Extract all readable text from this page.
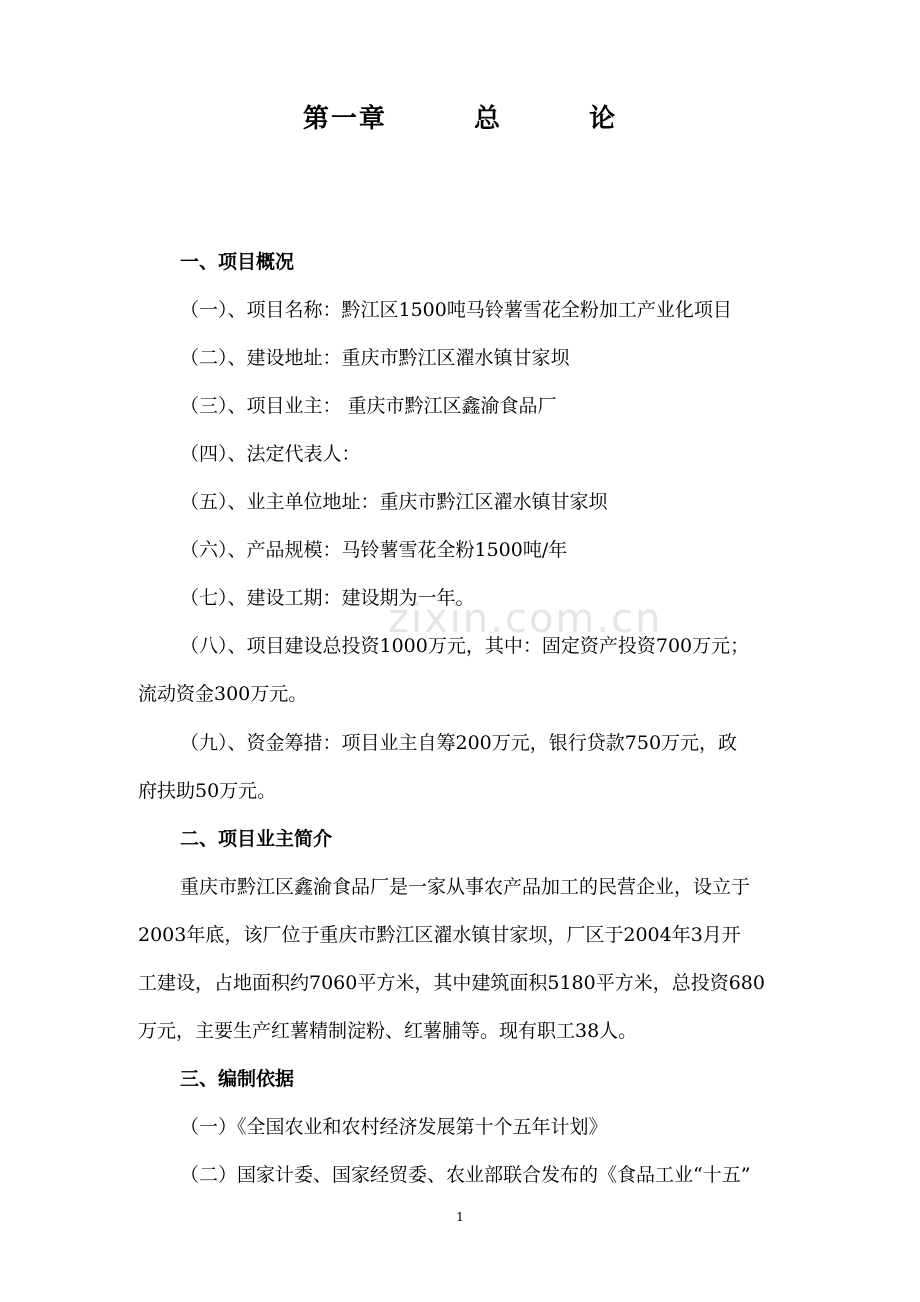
第一章   总   论
一、项目概况
（一）、项目名称：黔江区1500吨马铃薯雪花全粉加工产业化项目
（二）、建设地址：重庆市黔江区濯水镇甘家坝
（三）、项目业主： 重庆市黔江区鑫渝食品厂
（四）、法定代表人：
（五）、业主单位地址：重庆市黔江区濯水镇甘家坝
（六）、产品规模：马铃薯雪花全粉1500吨/年
（七）、建设工期：建设期为一年。
（八）、项目建设总投资1000万元，其中：固定资产投资700万元；
流动资金300万元。
（九）、资金筹措：项目业主自筹200万元，银行贷款750万元，政
府扶助50万元。
二、项目业主简介
重庆市黔江区鑫渝食品厂是一家从事农产品加工的民营企业，设立于
2003年底，该厂位于重庆市黔江区濯水镇甘家坝，厂区于2004年3月开
工建设，占地面积约7060平方米，其中建筑面积5180平方米，总投资680
万元，主要生产红薯精制淀粉、红薯脯等。现有职工38人。
三、编制依据
（一）《全国农业和农村经济发展第十个五年计划》
（二）国家计委、国家经贸委、农业部联合发布的《食品工业“十五”
zixin.com.cn
1
